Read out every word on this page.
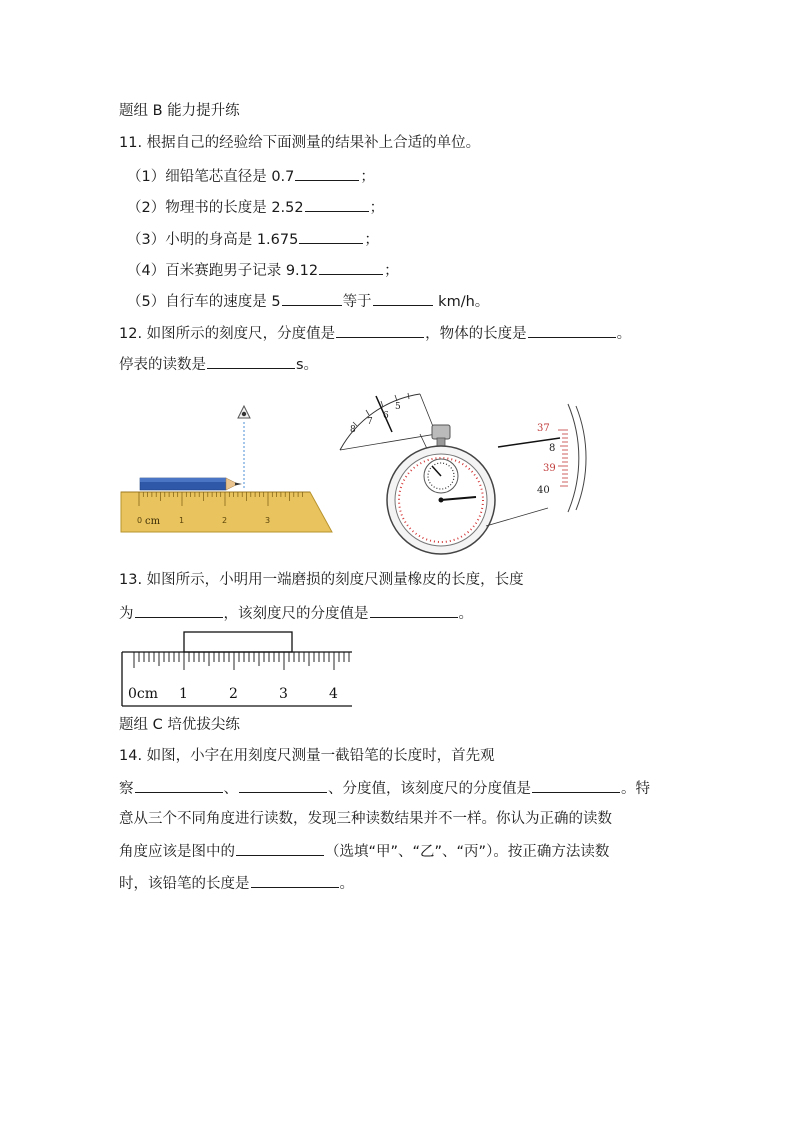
题组 B 能力提升练
11. 根据自己的经验给下面测量的结果补上合适的单位。
（1）细铅笔芯直径是 0.7	；
（2）物理书的长度是 2.52	；
（3）小明的身高是 1.675	；
（4）百米赛跑男子记录 9.12	；
（5）自行车的速度是 5	等于	km/h。
12. 如图所示的刻度尺，分度值是	，物体的长度是	。
停表的读数是	s。
0 cm 1	2	3
8
7
6
5
37
8
39
40
13. 如图所示，小明用一端磨损的刻度尺测量橡皮的长度，长度
为	，该刻度尺的分度值是	。
0cm 1	2	3	4
题组 C 培优拔尖练
14. 如图，小宇在用刻度尺测量一截铅笔的长度时，首先观
察	、	、分度值，该刻度尺的分度值是	。特
意从三个不同角度进行读数，发现三种读数结果并不一样。你认为正确的读数
角度应该是图中的	（选填“甲”、“乙”、“丙”）。按正确方法读数
时，该铅笔的长度是	。
